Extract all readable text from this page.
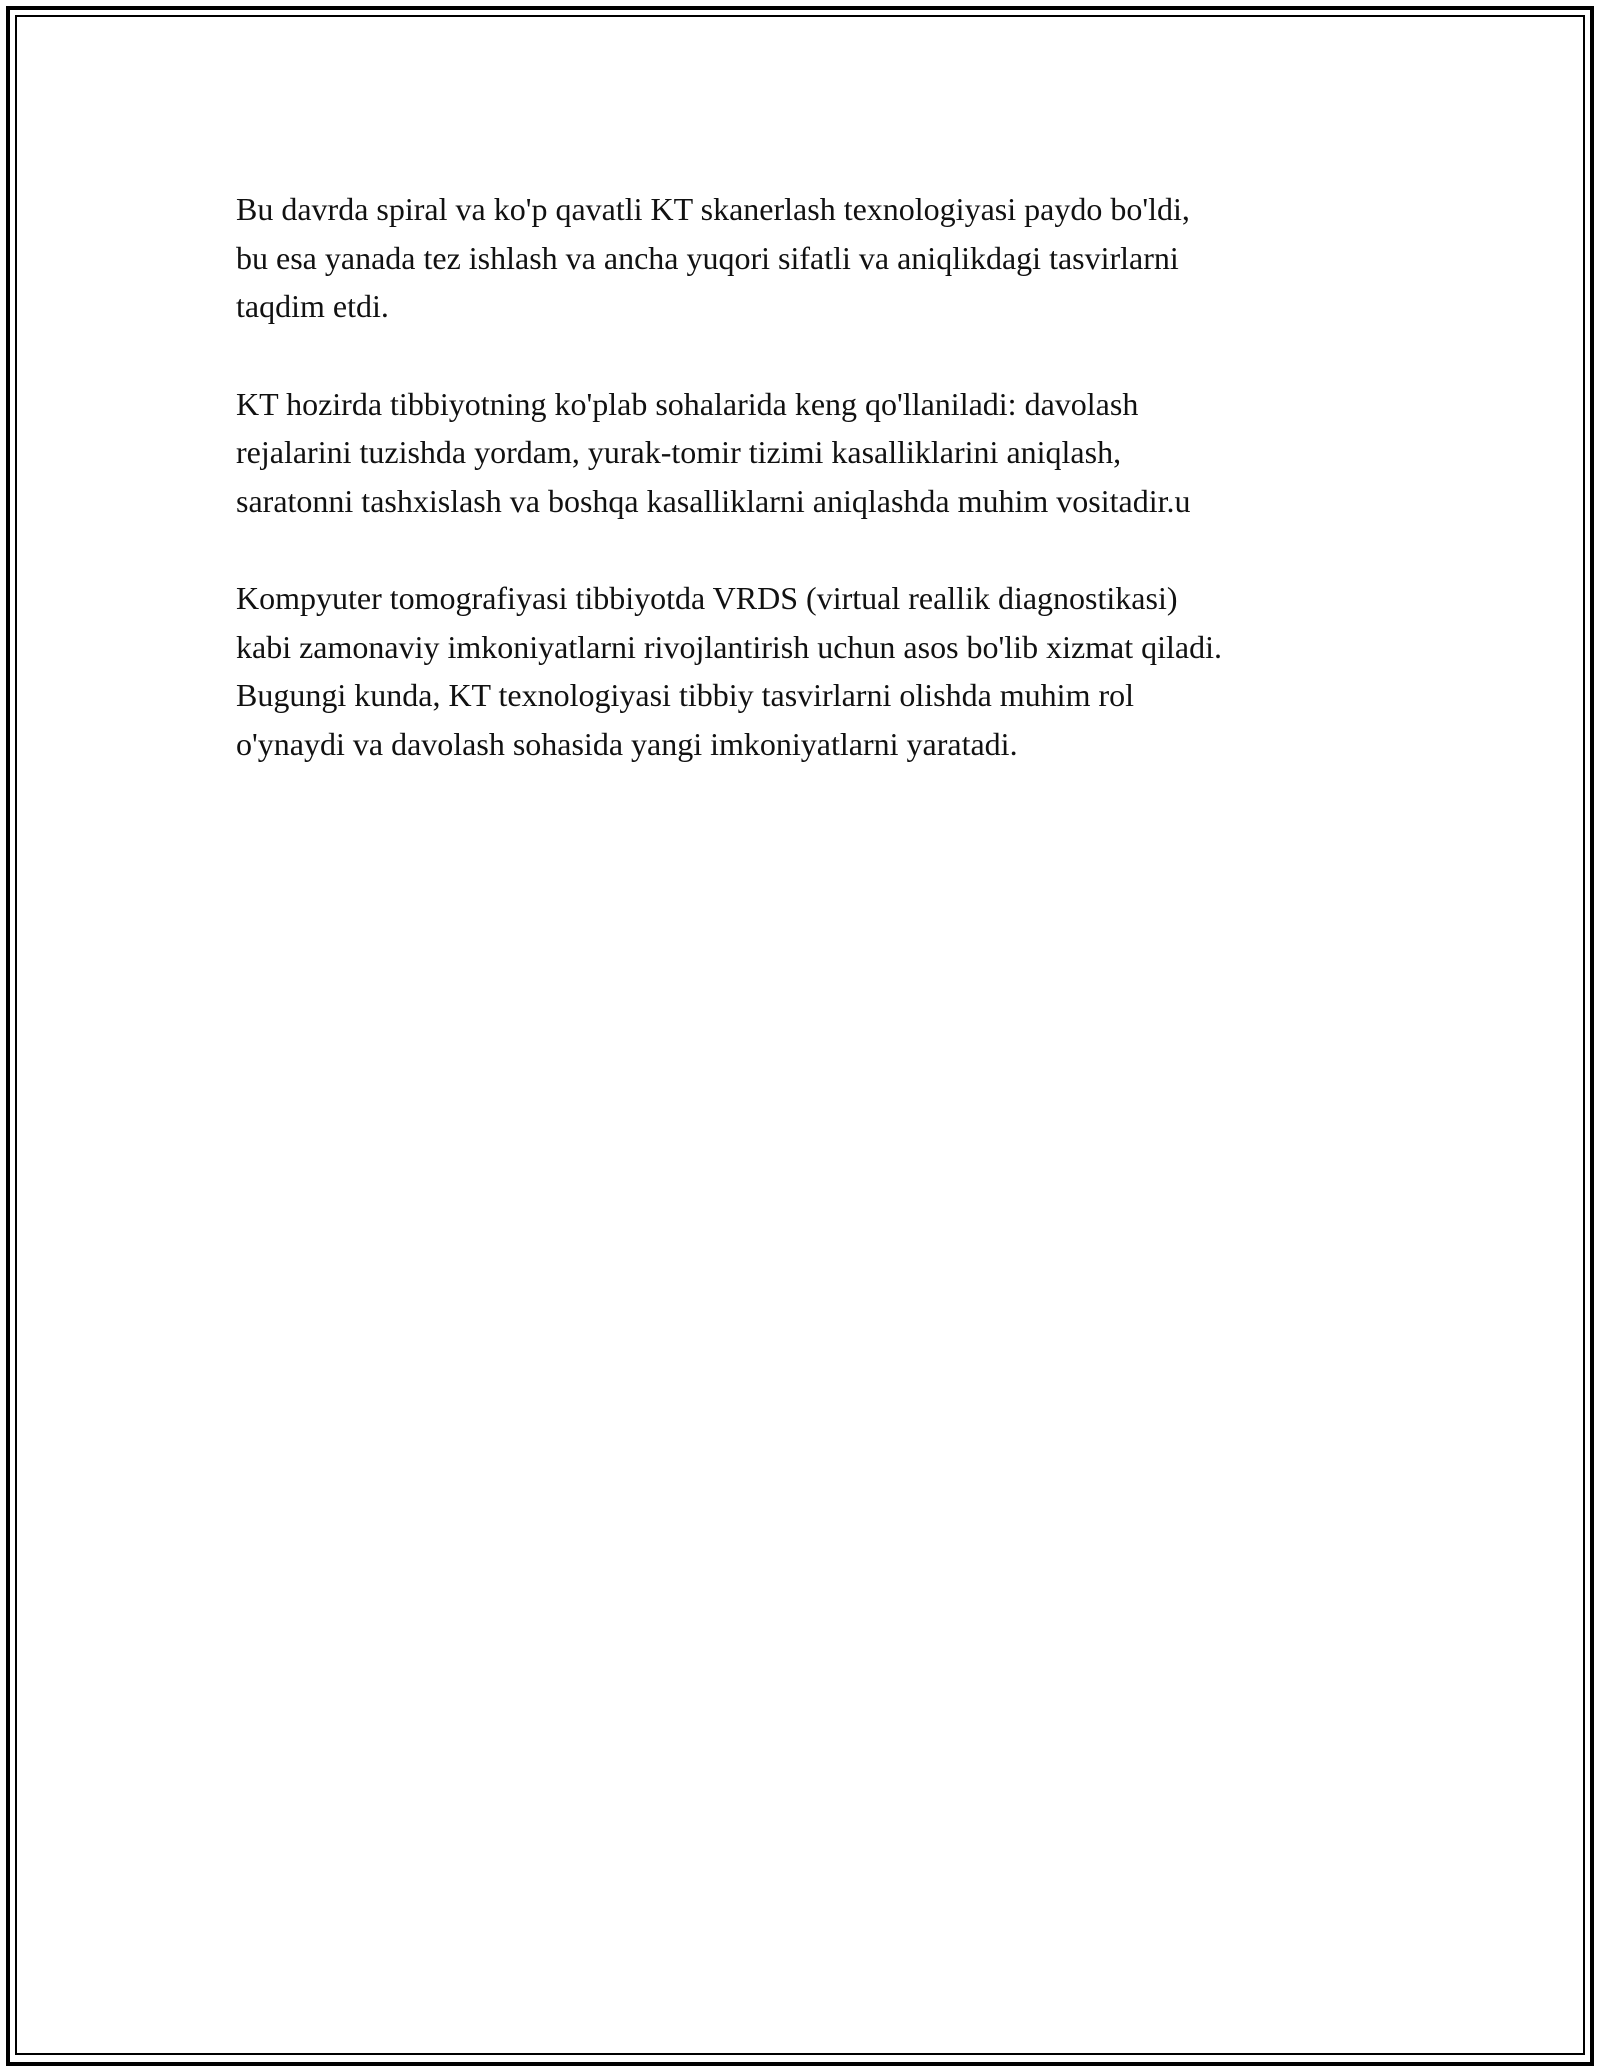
Bu davrda spiral va ko'p qavatli KT skanerlash texnologiyasi paydo bo'ldi,
bu esa yanada tez ishlash va ancha yuqori sifatli va aniqlikdagi tasvirlarni
taqdim etdi.

KT hozirda tibbiyotning ko'plab sohalarida keng qo'llaniladi: davolash
rejalarini tuzishda yordam, yurak-tomir tizimi kasalliklarini aniqlash,
saratonni tashxislash va boshqa kasalliklarni aniqlashda muhim vositadir.u

Kompyuter tomografiyasi tibbiyotda VRDS (virtual reallik diagnostikasi)
kabi zamonaviy imkoniyatlarni rivojlantirish uchun asos bo'lib xizmat qiladi.
Bugungi kunda, KT texnologiyasi tibbiy tasvirlarni olishda muhim rol
o'ynaydi va davolash sohasida yangi imkoniyatlarni yaratadi.
